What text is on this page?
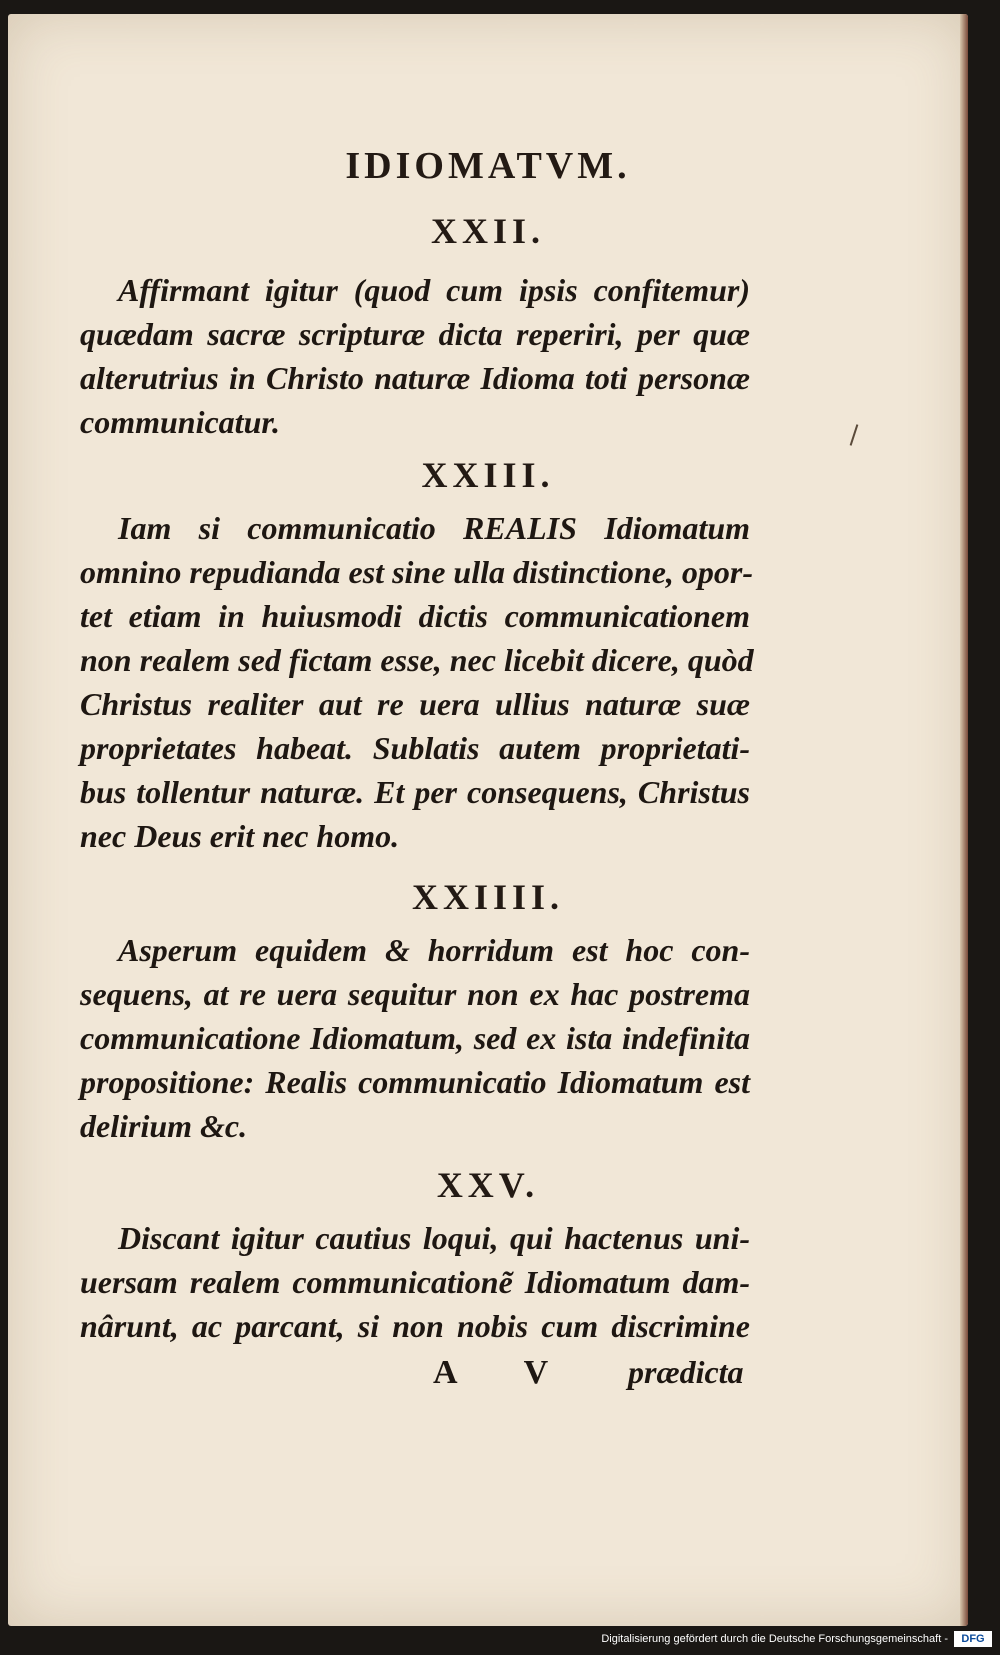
IDIOMATVM.
XXII.
Affirmant igitur (quod cum ipsis confitemur)
quædam sacræ scripturæ dicta reperiri, per quæ
alterutrius in Christo naturæ Idioma toti personæ
communicatur.
XXIII.
Iam si communicatio REALIS Idiomatum
omnino repudianda est sine ulla distinctione, opor-
tet etiam in huiusmodi dictis communicationem
non realem sed fictam esse, nec licebit dicere, quòd
Christus realiter aut re uera ullius naturæ suæ
proprietates habeat. Sublatis autem proprietati-
bus tollentur naturæ. Et per consequens, Christus
nec Deus erit nec homo.
XXIIII.
Asperum equidem & horridum est hoc con-
sequens, at re uera sequitur non ex hac postrema
communicatione Idiomatum, sed ex ista indefinita
propositione: Realis communicatio Idiomatum est
delirium &c.
XXV.
Discant igitur cautius loqui, qui hactenus uni-
uersam realem communicationẽ Idiomatum dam-
nârunt, ac parcant, si non nobis cum discrimine
A V prædicta
Digitalisierung gefördert durch die Deutsche Forschungsgemeinschaft -	DFG
